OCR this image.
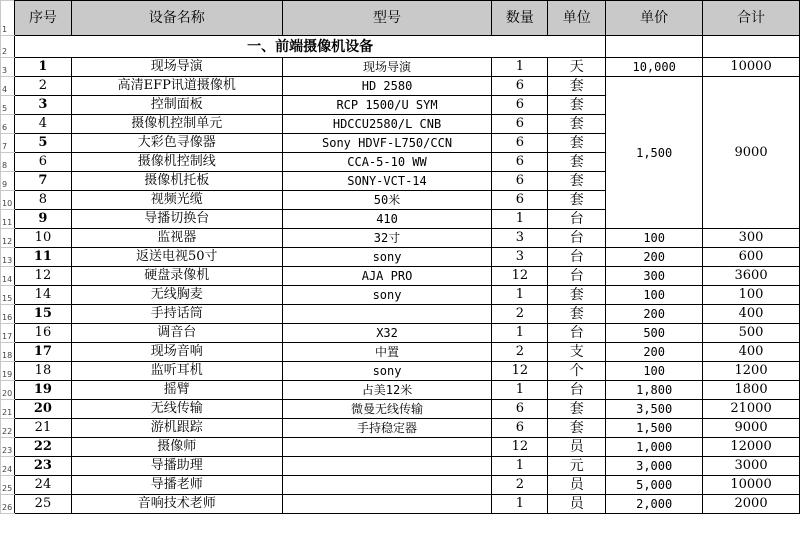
1	序号	设备名称	型号	数量	单位	单价	合计
2	一、前端摄像机设备						
3	1	现场导演	现场导演	1	天	10,000	10000
4	2	高清EFP讯道摄像机	HD 2580	6	套	1,500	9000
5	3	控制面板	RCP 1500/U SYM	6	套		
6	4	摄像机控制单元	HDCCU2580/L CNB	6	套		
7	5	大彩色寻像器	Sony HDVF-L750/CCN	6	套		
8	6	摄像机控制线	CCA-5-10 WW	6	套		
9	7	摄像机托板	SONY-VCT-14	6	套		
10	8	视频光缆	50米	6	套		
11	9	导播切换台	410	1	台		
12	10	监视器	32寸	3	台	100	300
13	11	返送电视50寸	sony	3	台	200	600
14	12	硬盘录像机	AJA PRO	12	台	300	3600
15	14	无线胸麦	sony	1	套	100	100
16	15	手持话筒		2	套	200	400
17	16	调音台	X32	1	台	500	500
18	17	现场音响	中置	2	支	200	400
19	18	监听耳机	sony	12	个	100	1200
20	19	摇臂	占美12米	1	台	1,800	1800
21	20	无线传输	微曼无线传输	6	套	3,500	21000
22	21	游机跟踪	手持稳定器	6	套	1,500	9000
23	22	摄像师		12	员	1,000	12000
24	23	导播助理		1	元	3,000	3000
25	24	导播老师		2	员	5,000	10000
26	25	音响技术老师		1	员	2,000	2000
